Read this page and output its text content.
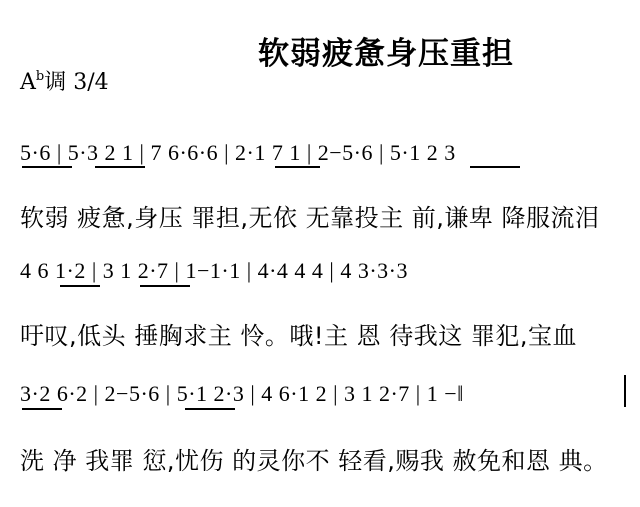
软弱疲惫身压重担
$A^b$调 3/4
5·6 | 5·3 2 1 | 7 6·6·6 | 2·1 7 1 | 2−5·6 | 5·1 2 3
软弱 疲惫,身压 罪担,无依 无靠投主 前,谦卑 降服流泪
4 6 1·2 | 3 1 2·7 | 1−1·1 | 4·4 4 4 | 4 3·3·3
吁叹,低头 捶胸求主 怜。哦!主 恩 待我这 罪犯,宝血
3·2 6·2 | 2−5·6 | 5·1 2·3 | 4 6·1 2 | 3 1 2·7 | 1 −‖
洗 净 我罪 愆,忧伤 的灵你不 轻看,赐我 赦免和恩 典。
